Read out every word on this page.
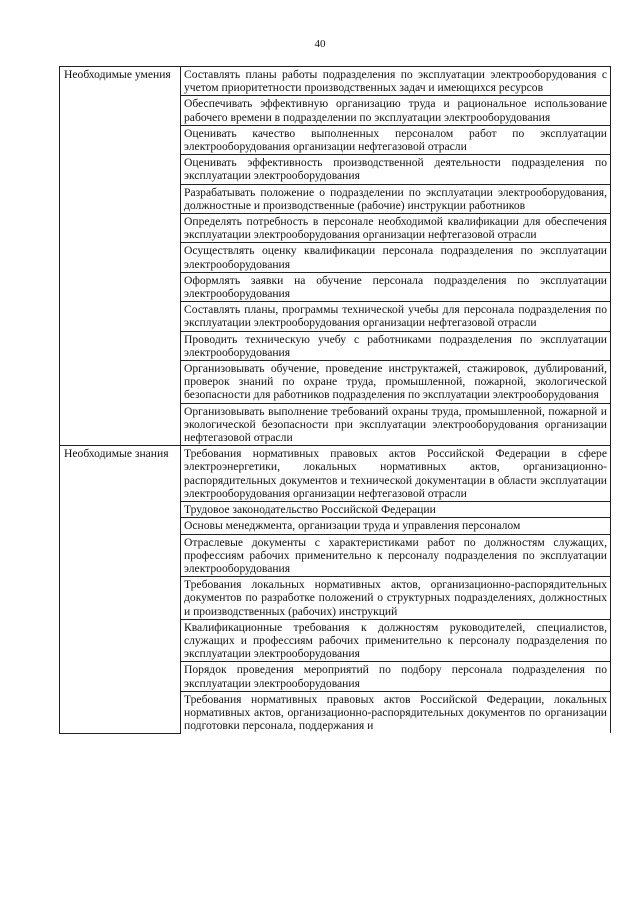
40
Необходимые умения	Составлять планы работы подразделения по эксплуатации электрооборудования с учетом приоритетности производственных задач и имеющихся ресурсов
	Обеспечивать эффективную организацию труда и рациональное использование рабочего времени в подразделении по эксплуатации электрооборудования
	Оценивать качество выполненных персоналом работ по эксплуатации электрооборудования организации нефтегазовой отрасли
	Оценивать эффективность производственной деятельности подразделения по эксплуатации электрооборудования
	Разрабатывать положение о подразделении по эксплуатации электрооборудования, должностные и производственные (рабочие) инструкции работников
	Определять потребность в персонале необходимой квалификации для обеспечения эксплуатации электрооборудования организации нефтегазовой отрасли
	Осуществлять оценку квалификации персонала подразделения по эксплуатации электрооборудования
	Оформлять заявки на обучение персонала подразделения по эксплуатации электрооборудования
	Составлять планы, программы технической учебы для персонала подразделения по эксплуатации электрооборудования организации нефтегазовой отрасли
	Проводить техническую учебу с работниками подразделения по эксплуатации электрооборудования
	Организовывать обучение, проведение инструктажей, стажировок, дублирований, проверок знаний по охране труда, промышленной, пожарной, экологической безопасности для работников подразделения по эксплуатации электрооборудования
	Организовывать выполнение требований охраны труда, промышленной, пожарной и экологической безопасности при эксплуатации электрооборудования организации нефтегазовой отрасли
Необходимые знания	Требования нормативных правовых актов Российской Федерации в сфере электроэнергетики, локальных нормативных актов, организационно-распорядительных документов и технической документации в области эксплуатации электрооборудования организации нефтегазовой отрасли
	Трудовое законодательство Российской Федерации
	Основы менеджмента, организации труда и управления персоналом
	Отраслевые документы с характеристиками работ по должностям служащих, профессиям рабочих применительно к персоналу подразделения по эксплуатации электрооборудования
	Требования локальных нормативных актов, организационно-распорядительных документов по разработке положений о структурных подразделениях, должностных и производственных (рабочих) инструкций
	Квалификационные требования к должностям руководителей, специалистов, служащих и профессиям рабочих применительно к персоналу подразделения по эксплуатации электрооборудования
	Порядок проведения мероприятий по подбору персонала подразделения по эксплуатации электрооборудования
	Требования нормативных правовых актов Российской Федерации, локальных нормативных актов, организационно-распорядительных документов по организации подготовки персонала, поддержания и
